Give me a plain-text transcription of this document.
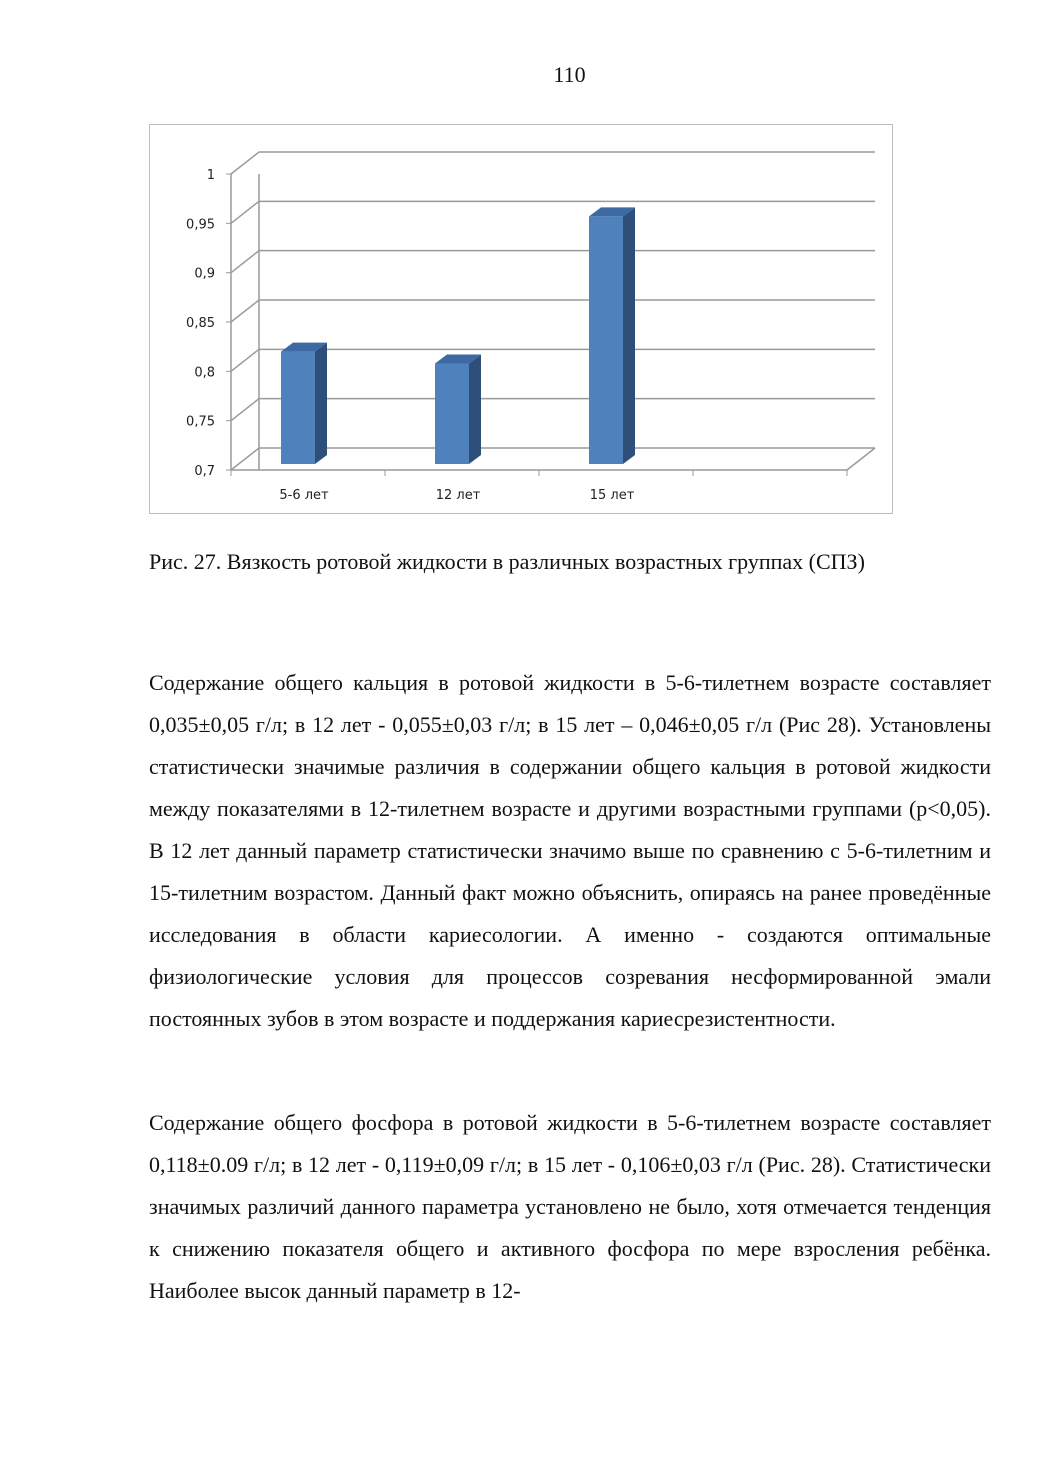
110
0,7
0,75
0,8
0,85
0,9
0,95
1
5-6 лет	12 лет	15 лет
Рис. 27. Вязкость ротовой жидкости в различных возрастных группах (СПЗ)

Содержание общего кальция в ротовой жидкости в 5-6-тилетнем возрасте составляет 0,035±0,05 г/л; в 12 лет - 0,055±0,03 г/л; в 15 лет – 0,046±0,05 г/л (Рис 28). Установлены статистически значимые различия в содержании общего кальция в ротовой жидкости между показателями в 12-тилетнем возрасте и другими возрастными группами (p<0,05). В 12 лет данный параметр статистически значимо выше по сравнению с 5-6-тилетним и 15-тилетним возрастом. Данный факт можно объяснить, опираясь на ранее проведённые исследования в области кариесологии. А именно - создаются оптимальные физиологические условия для процессов созревания несформированной эмали постоянных зубов в этом возрасте и поддержания кариесрезистентности.

Содержание общего фосфора в ротовой жидкости в 5-6-тилетнем возрасте составляет 0,118±0.09 г/л; в 12 лет - 0,119±0,09 г/л; в 15 лет - 0,106±0,03 г/л (Рис. 28). Статистически значимых различий данного параметра установлено не было, хотя отмечается тенденция к снижению показателя общего и активного фосфора по мере взросления ребёнка. Наиболее высок данный параметр в 12-
